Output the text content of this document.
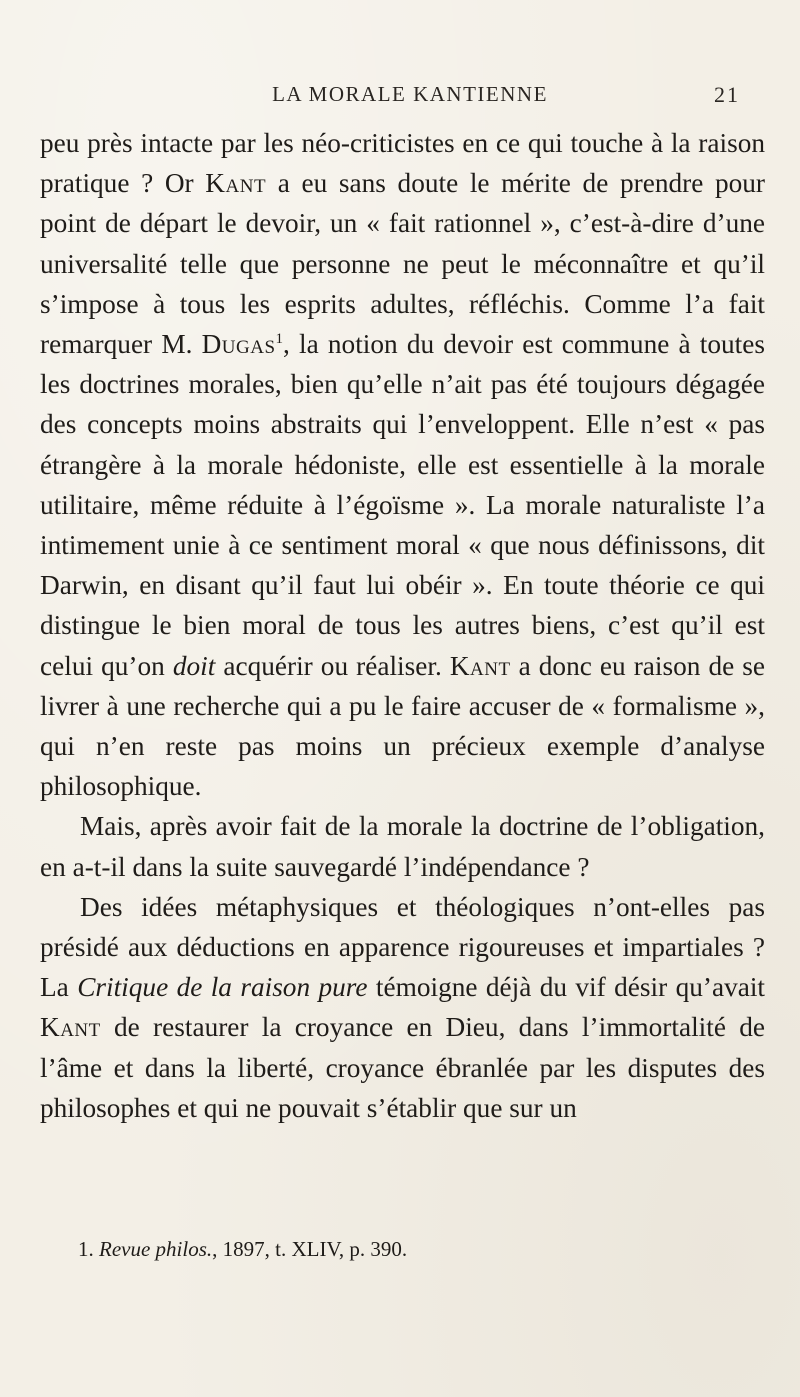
LA MORALE KANTIENNE	21

peu près intacte par les néo-criticistes en ce qui touche à la raison pratique ? Or Kant a eu sans doute le mérite de prendre pour point de départ le devoir, un « fait rationnel », c’est-à-dire d’une universalité telle que personne ne peut le méconnaître et qu’il s’impose à tous les esprits adultes, réfléchis. Comme l’a fait remarquer M. Dugas$^1$, la notion du devoir est commune à toutes les doctrines morales, bien qu’elle n’ait pas été toujours dégagée des concepts moins abstraits qui l’enveloppent. Elle n’est « pas étrangère à la morale hédoniste, elle est essentielle à la morale utilitaire, même réduite à l’égoïsme ». La morale naturaliste l’a intimement unie à ce sentiment moral « que nous définissons, dit Darwin, en disant qu’il faut lui obéir ». En toute théorie ce qui distingue le bien moral de tous les autres biens, c’est qu’il est celui qu’on doit acquérir ou réaliser. Kant a donc eu raison de se livrer à une recherche qui a pu le faire accuser de « formalisme », qui n’en reste pas moins un précieux exemple d’analyse philosophique.

Mais, après avoir fait de la morale la doctrine de l’obligation, en a-t-il dans la suite sauvegardé l’indépendance ?

Des idées métaphysiques et théologiques n’ont-elles pas présidé aux déductions en apparence rigoureuses et impartiales ? La Critique de la raison pure témoigne déjà du vif désir qu’avait Kant de restaurer la croyance en Dieu, dans l’immortalité de l’âme et dans la liberté, croyance ébranlée par les disputes des philosophes et qui ne pouvait s’établir que sur un

1. Revue philos., 1897, t. XLIV, p. 390.
